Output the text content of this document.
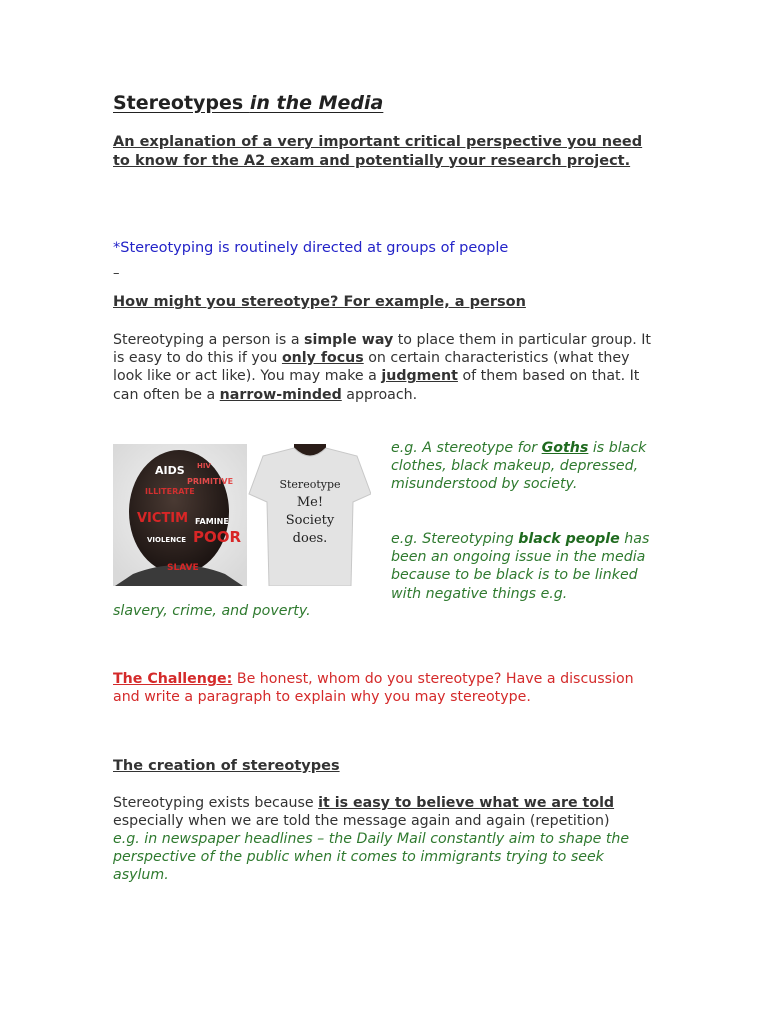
Stereotypes in the Media
An explanation of a very important critical perspective you need to know for the A2 exam and potentially your research project.
*Stereotyping is routinely directed at groups of people
–
How might you stereotype? For example, a person
Stereotyping a person is a simple way to place them in particular group. It is easy to do this if you only focus on certain characteristics (what they look like or act like). You may make a judgment of them based on that. It can often be a narrow-minded approach.
AIDS HIV
ILLITERATE
PRIMITIVE
VICTIM FAMINE
VIOLENCE POOR
SLAVE
Stereotype
Me!
Society
does.
e.g. A stereotype for Goths is black clothes, black makeup, depressed, misunderstood by society.
e.g. Stereotyping black people has been an ongoing issue in the media because to be black is to be linked with negative things e.g.
slavery, crime, and poverty.
The Challenge: Be honest, whom do you stereotype? Have a discussion and write a paragraph to explain why you may stereotype.
The creation of stereotypes
Stereotyping exists because it is easy to believe what we are told especially when we are told the message again and again (repetition)
e.g. in newspaper headlines – the Daily Mail constantly aim to shape the perspective of the public when it comes to immigrants trying to seek asylum.
